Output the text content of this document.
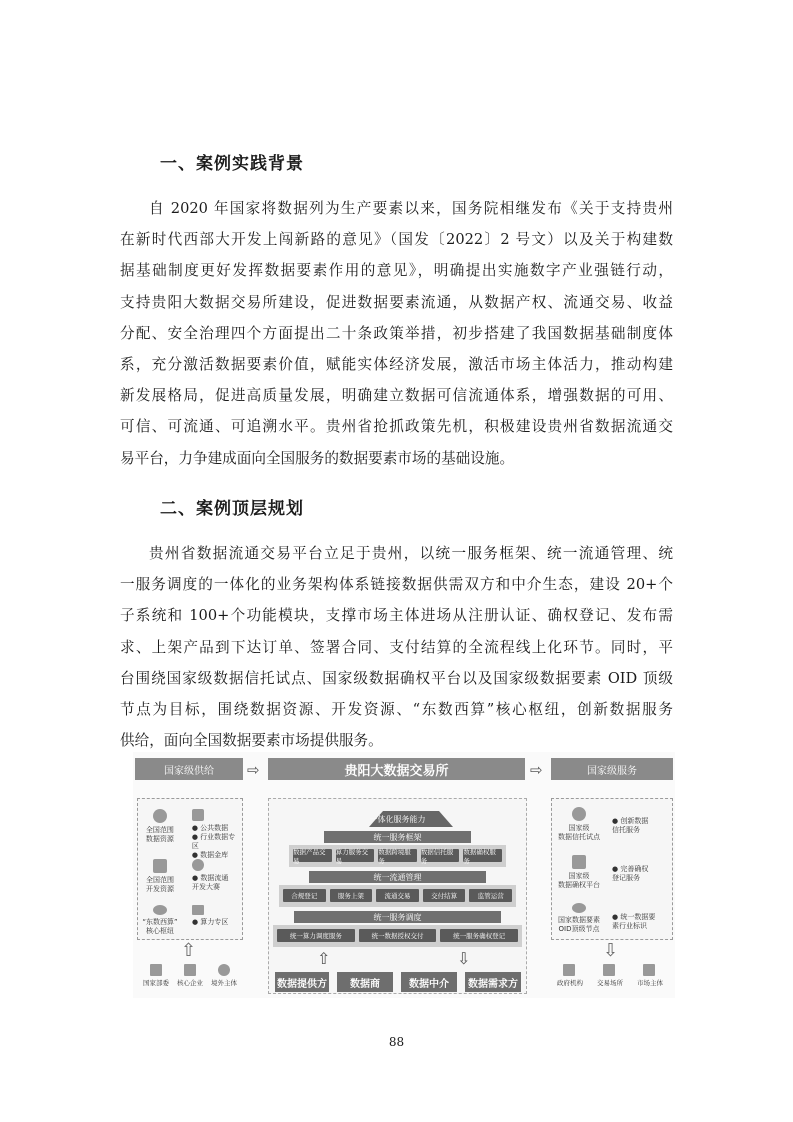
一、案例实践背景
自 2020 年国家将数据列为生产要素以来，国务院相继发布《关于支持贵州
在新时代西部大开发上闯新路的意见》（国发〔2022〕2 号文）以及关于构建数
据基础制度更好发挥数据要素作用的意见》，明确提出实施数字产业强链行动，
支持贵阳大数据交易所建设，促进数据要素流通，从数据产权、流通交易、收益
分配、安全治理四个方面提出二十条政策举措，初步搭建了我国数据基础制度体
系，充分激活数据要素价值，赋能实体经济发展，激活市场主体活力，推动构建
新发展格局，促进高质量发展，明确建立数据可信流通体系，增强数据的可用、
可信、可流通、可追溯水平。贵州省抢抓政策先机，积极建设贵州省数据流通交
易平台，力争建成面向全国服务的数据要素市场的基础设施。
二、案例顶层规划
贵州省数据流通交易平台立足于贵州，以统一服务框架、统一流通管理、统
一服务调度的一体化的业务架构体系链接数据供需双方和中介生态，建设 20+个
子系统和 100+个功能模块，支撑市场主体进场从注册认证、确权登记、发布需
求、上架产品到下达订单、签署合同、支付结算的全流程线上化环节。同时，平
台围绕国家级数据信托试点、国家级数据确权平台以及国家级数据要素 OID 顶级
节点为目标，围绕数据资源、开发资源、“东数西算”核心枢纽，创新数据服务
供给，面向全国数据要素市场提供服务。
国家级供给	⇨	贵阳大数据交易所	⇨	国家级服务

全国范围
数据资源

● 公共数据
● 行业数据专区
● 数据金库

全国范围
开发资源

● 数据流通
开发大赛

“东数西算”
核心枢纽

● 算力专区
⇧
国家部委	核心企业	境外主体
一体化服务能力
统一服务框架
统一流通管理
统一服务调度
数据产品交易
算力服务交易
数据跨境服务
数据信托服务
数据确权服务
合规登记	服务上架	流通交易	交付结算	监管运营
统一算力调度服务	统一数据授权交付	统一服务确权登记
⇧	⇩
数据提供方	数据商	数据中介	数据需求方

国家级
数据信托试点
● 创新数据
信托服务

国家级
数据确权平台
● 完善确权
登记服务

国家数据要素
OID顶级节点
● 统一数据要
素行业标识
⇩
政府机构	交易场所	市场主体
88
